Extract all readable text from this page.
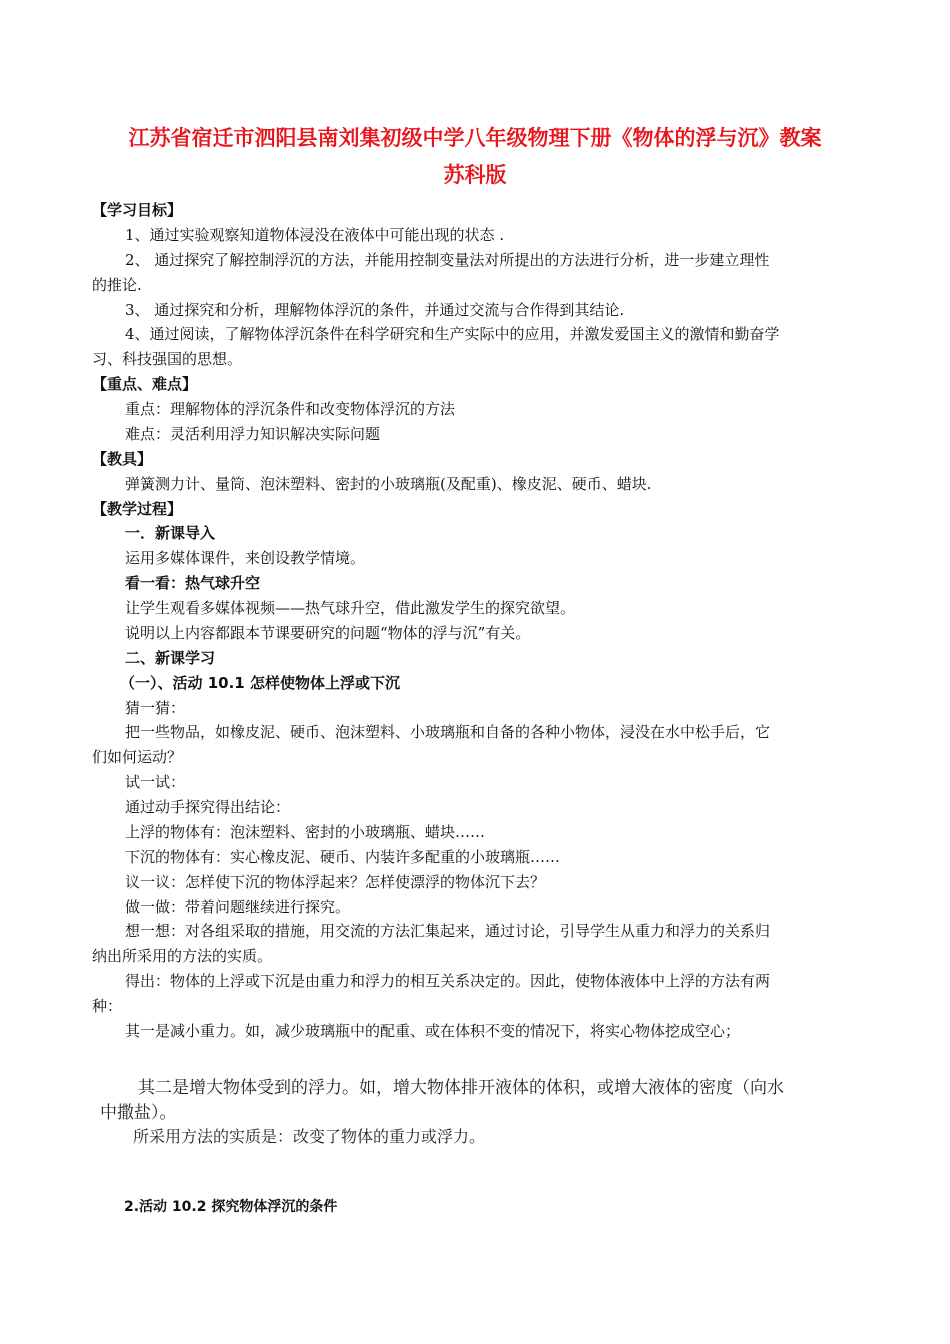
江苏省宿迁市泗阳县南刘集初级中学八年级物理下册《物体的浮与沉》教案
苏科版
【学习目标】
1、通过实验观察知道物体浸没在液体中可能出现的状态 .
2、 通过探究了解控制浮沉的方法，并能用控制变量法对所提出的方法进行分析，进一步建立理性
的推论.
3、 通过探究和分析，理解物体浮沉的条件，并通过交流与合作得到其结论.
4、通过阅读，了解物体浮沉条件在科学研究和生产实际中的应用，并激发爱国主义的激情和勤奋学
习、科技强国的思想。
【重点、难点】
重点：理解物体的浮沉条件和改变物体浮沉的方法
难点：灵活利用浮力知识解决实际问题
【教具】
弹簧测力计、量筒、泡沫塑料、密封的小玻璃瓶(及配重)、橡皮泥、硬币、蜡块.
【教学过程】
一．新课导入
运用多媒体课件，来创设教学情境。
看一看：热气球升空
让学生观看多媒体视频——热气球升空，借此激发学生的探究欲望。
说明以上内容都跟本节课要研究的问题“物体的浮与沉”有关。
二、新课学习
（一）、活动 10.1 怎样使物体上浮或下沉
猜一猜：
把一些物品，如橡皮泥、硬币、泡沫塑料、小玻璃瓶和自备的各种小物体，浸没在水中松手后，它
们如何运动？
试一试：
通过动手探究得出结论：
上浮的物体有：泡沫塑料、密封的小玻璃瓶、蜡块……
下沉的物体有：实心橡皮泥、硬币、内装许多配重的小玻璃瓶……
议一议：怎样使下沉的物体浮起来？怎样使漂浮的物体沉下去？
做一做：带着问题继续进行探究。
想一想：对各组采取的措施，用交流的方法汇集起来，通过讨论，引导学生从重力和浮力的关系归
纳出所采用的方法的实质。
得出：物体的上浮或下沉是由重力和浮力的相互关系决定的。因此，使物体液体中上浮的方法有两
种：
其一是减小重力。如，减少玻璃瓶中的配重、或在体积不变的情况下，将实心物体挖成空心；
其二是增大物体受到的浮力。如，增大物体排开液体的体积，或增大液体的密度（向水
中撒盐）。
所采用方法的实质是：改变了物体的重力或浮力。
2.活动 10.2 探究物体浮沉的条件
